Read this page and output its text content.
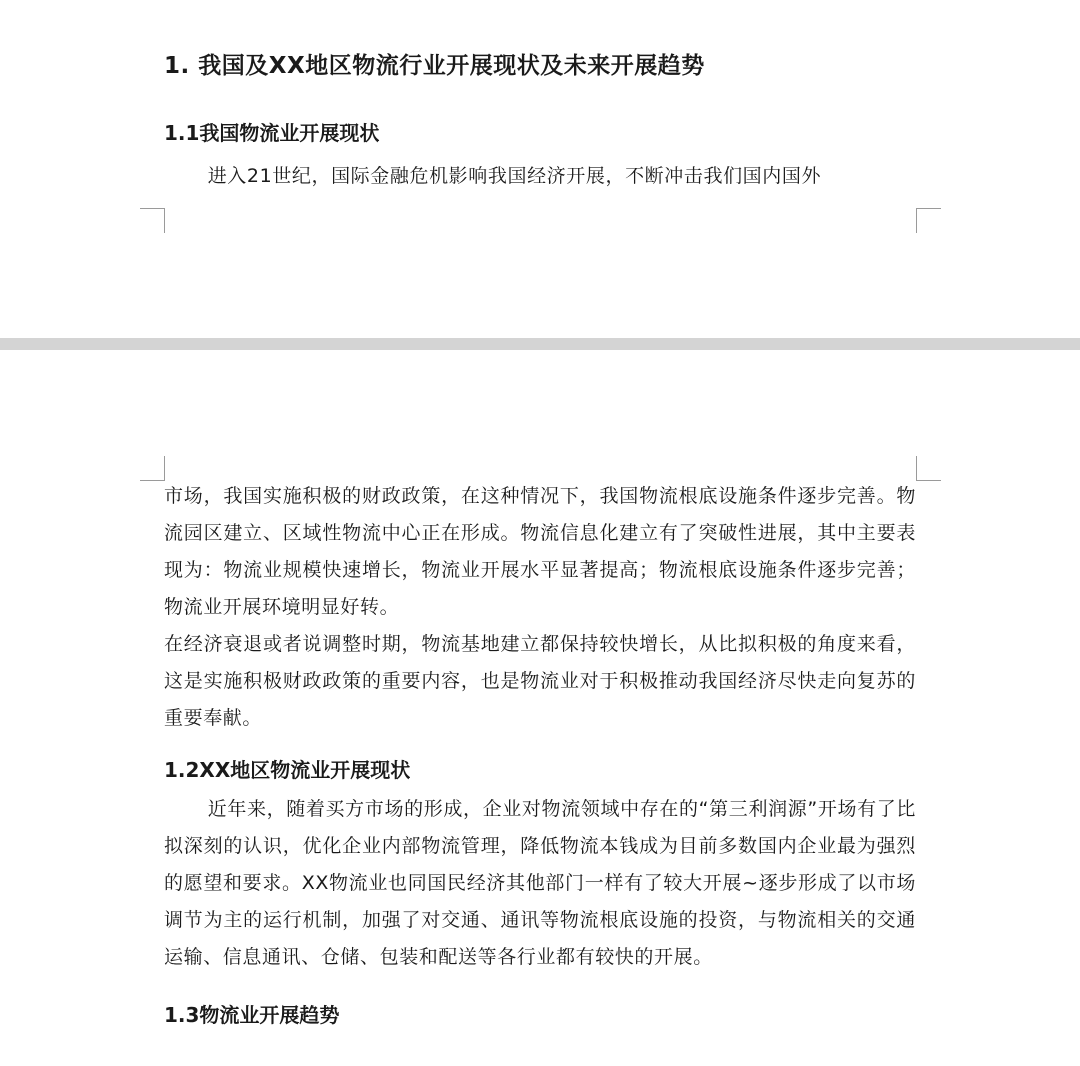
1. 我国及XX地区物流行业开展现状及未来开展趋势
1.1我国物流业开展现状

进入21世纪，国际金融危机影响我国经济开展，不断冲击我们国内国外

市场，我国实施积极的财政政策，在这种情况下，我国物流根底设施条件逐步完善。物流园区建立、区域性物流中心正在形成。物流信息化建立有了突破性进展，其中主要表现为：物流业规模快速增长，物流业开展水平显著提高；物流根底设施条件逐步完善；物流业开展环境明显好转。

在经济衰退或者说调整时期，物流基地建立都保持较快增长，从比拟积极的角度来看，这是实施积极财政政策的重要内容，也是物流业对于积极推动我国经济尽快走向复苏的重要奉献。

1.2XX地区物流业开展现状

近年来，随着买方市场的形成，企业对物流领域中存在的“第三利润源”开场有了比拟深刻的认识，优化企业内部物流管理，降低物流本钱成为目前多数国内企业最为强烈的愿望和要求。XX物流业也同国民经济其他部门一样有了较大开展~逐步形成了以市场调节为主的运行机制，加强了对交通、通讯等物流根底设施的投资，与物流相关的交通运输、信息通讯、仓储、包装和配送等各行业都有较快的开展。

1.3物流业开展趋势
